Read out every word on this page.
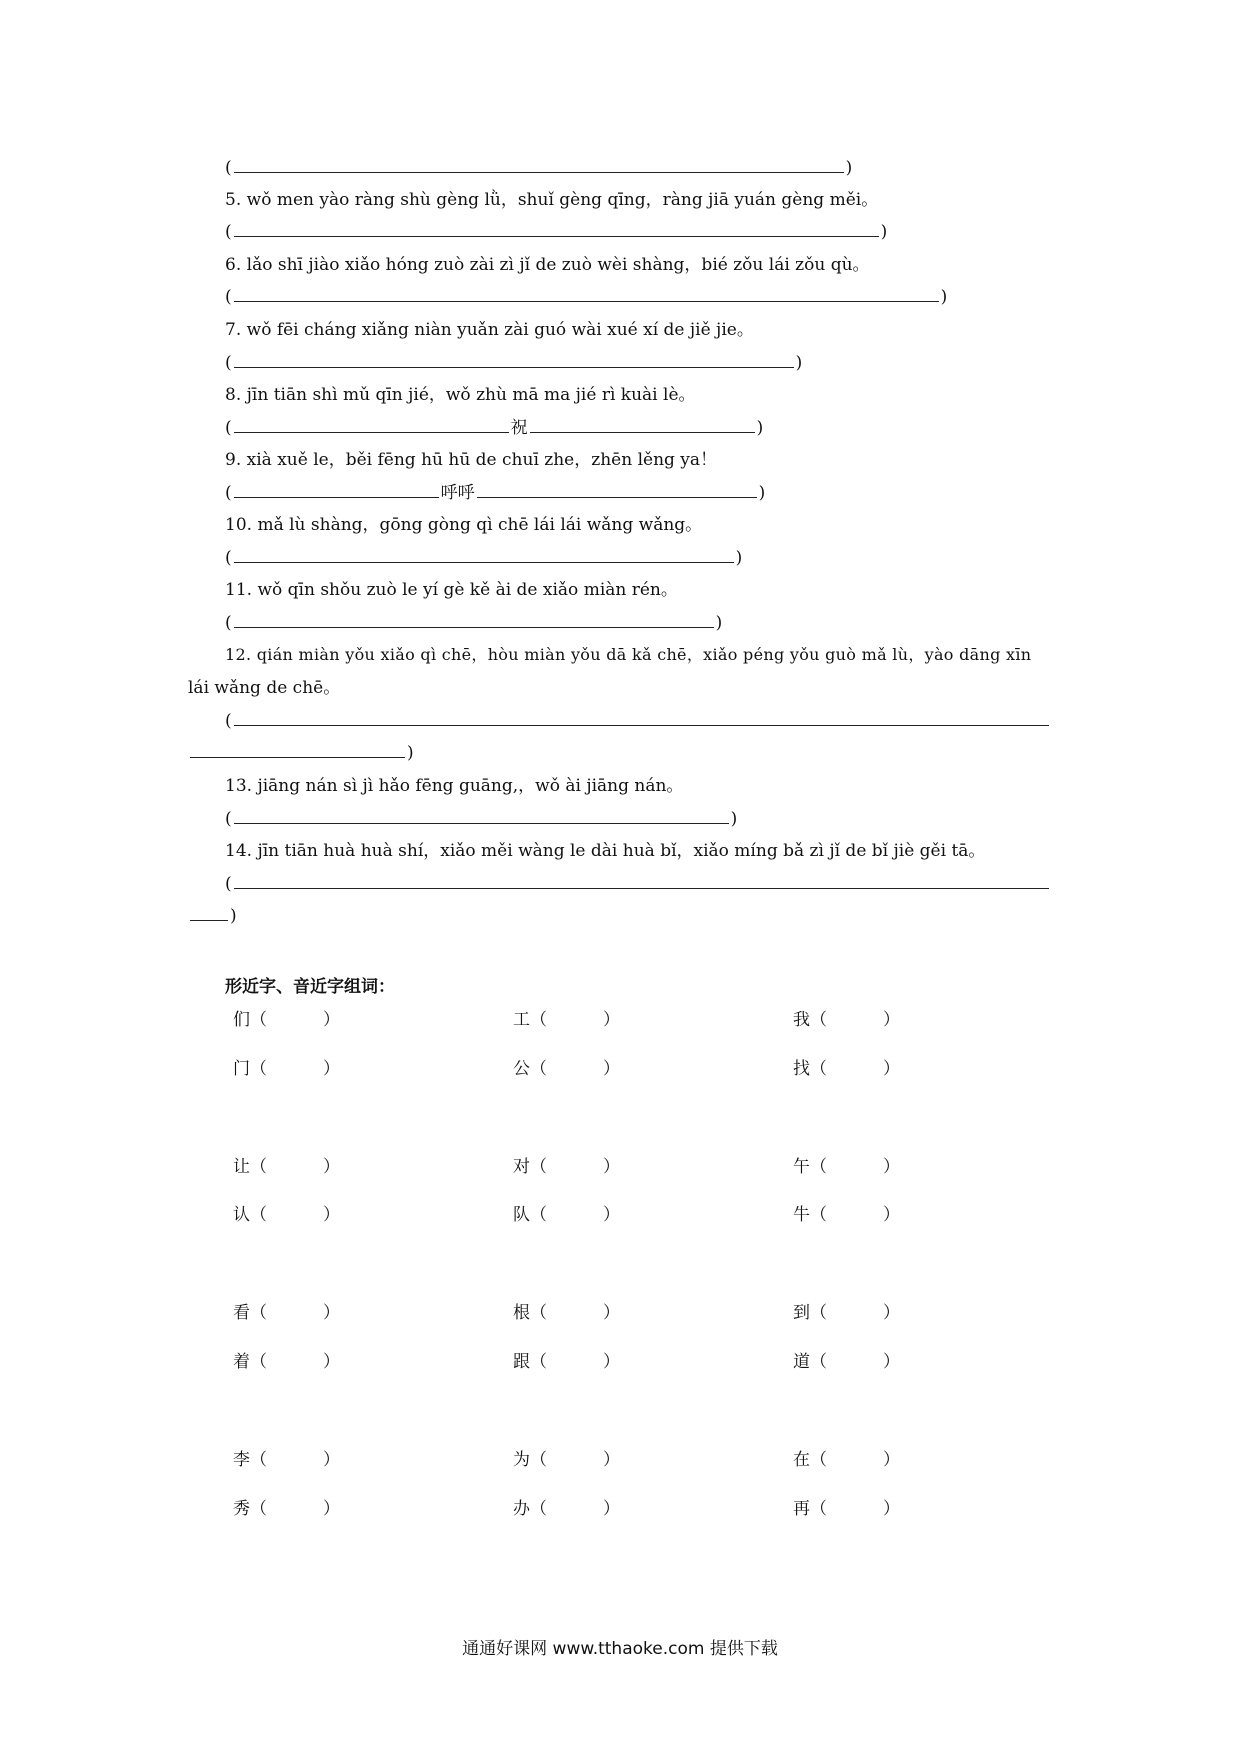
(	)
5. wǒ men yào ràng shù gèng lǜ，shuǐ gèng qīng，ràng jiā yuán gèng měi。
(	)
6. lǎo shī jiào xiǎo hóng zuò zài zì jǐ de zuò wèi shàng，bié zǒu lái zǒu qù。
(	)
7. wǒ fēi cháng xiǎng niàn yuǎn zài guó wài xué xí de jiě jie。
(	)
8. jīn tiān shì mǔ qīn jié，wǒ zhù mā ma jié rì kuài lè。
(	祝	)
9. xià xuě le，běi fēng hū hū de chuī zhe，zhēn lěng ya！
(	呼呼	)
10. mǎ lù shàng，gōng gòng qì chē lái lái wǎng wǎng。
(	)
11. wǒ qīn shǒu zuò le yí gè kě ài de xiǎo miàn rén。
(	)
12. qián miàn yǒu xiǎo qì chē，hòu miàn yǒu dā kǎ chē，xiǎo péng yǒu guò mǎ lù，yào dāng xīn
lái wǎng de chē。
(
)
13. jiāng nán sì jì hǎo fēng guāng,，wǒ ài jiāng nán。
(	)
14. jīn tiān huà huà shí，xiǎo měi wàng le dài huà bǐ，xiǎo míng bǎ zì jǐ de bǐ jiè gěi tā。
(
)
形近字、音近字组词：
们（	）	工（	）	我（	）
门（	）	公（	）	找（	）
让（	）	对（	）	午（	）
认（	）	队（	）	牛（	）
看（	）	根（	）	到（	）
着（	）	跟（	）	道（	）
李（	）	为（	）	在（	）
秀（	）	办（	）	再（	）
通通好课网 www.tthaoke.com 提供下载
